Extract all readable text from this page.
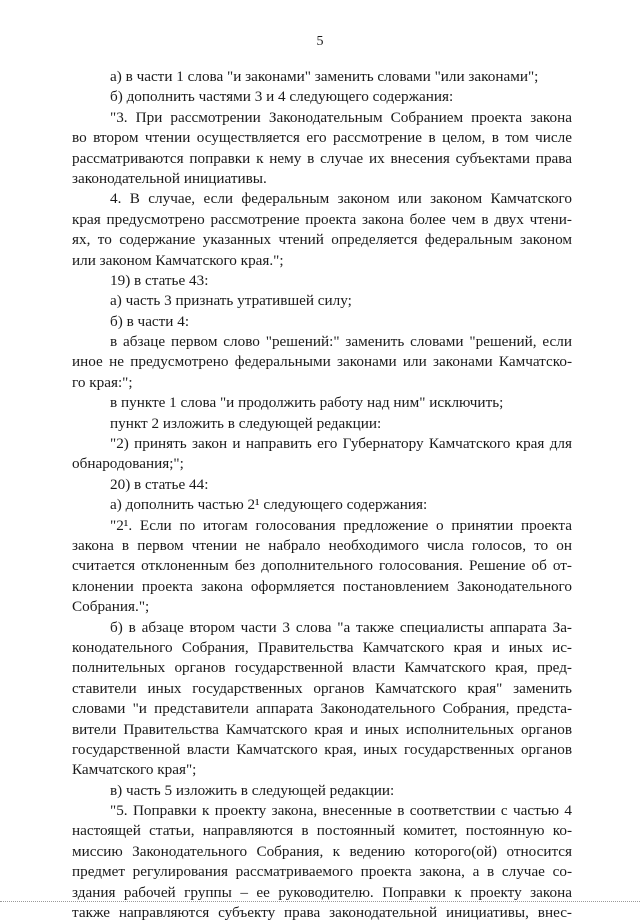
5
а) в части 1 слова "и законами" заменить словами "или законами";
б) дополнить частями 3 и 4 следующего содержания:
"3. При рассмотрении Законодательным Собранием проекта закона
во втором чтении осуществляется его рассмотрение в целом, в том числе
рассматриваются поправки к нему в случае их внесения субъектами права
законодательной инициативы.
4. В случае, если федеральным законом или законом Камчатского
края предусмотрено рассмотрение проекта закона более чем в двух чтени-
ях, то содержание указанных чтений определяется федеральным законом
или законом Камчатского края.";
19) в статье 43:
а) часть 3 признать утратившей силу;
б) в части 4:
в абзаце первом слово "решений:" заменить словами "решений, если
иное не предусмотрено федеральными законами или законами Камчатско-
го края:";
в пункте 1 слова "и продолжить работу над ним" исключить;
пункт 2 изложить в следующей редакции:
"2) принять закон и направить его Губернатору Камчатского края для
обнародования;";
20) в статье 44:
а) дополнить частью 2¹ следующего содержания:
"2¹. Если по итогам голосования предложение о принятии проекта
закона в первом чтении не набрало необходимого числа голосов, то он
считается отклоненным без дополнительного голосования. Решение об от-
клонении проекта закона оформляется постановлением Законодательного
Собрания.";
б) в абзаце втором части 3 слова "а также специалисты аппарата За-
конодательного Собрания, Правительства Камчатского края и иных ис-
полнительных органов государственной власти Камчатского края, пред-
ставители иных государственных органов Камчатского края" заменить
словами "и представители аппарата Законодательного Собрания, предста-
вители Правительства Камчатского края и иных исполнительных органов
государственной власти Камчатского края, иных государственных органов
Камчатского края";
в) часть 5 изложить в следующей редакции:
"5. Поправки к проекту закона, внесенные в соответствии с частью 4
настоящей статьи, направляются в постоянный комитет, постоянную ко-
миссию Законодательного Собрания, к ведению которого(ой) относится
предмет регулирования рассматриваемого проекта закона, а в случае со-
здания рабочей группы – ее руководителю. Поправки к проекту закона
также направляются субъекту права законодательной инициативы, внес-
